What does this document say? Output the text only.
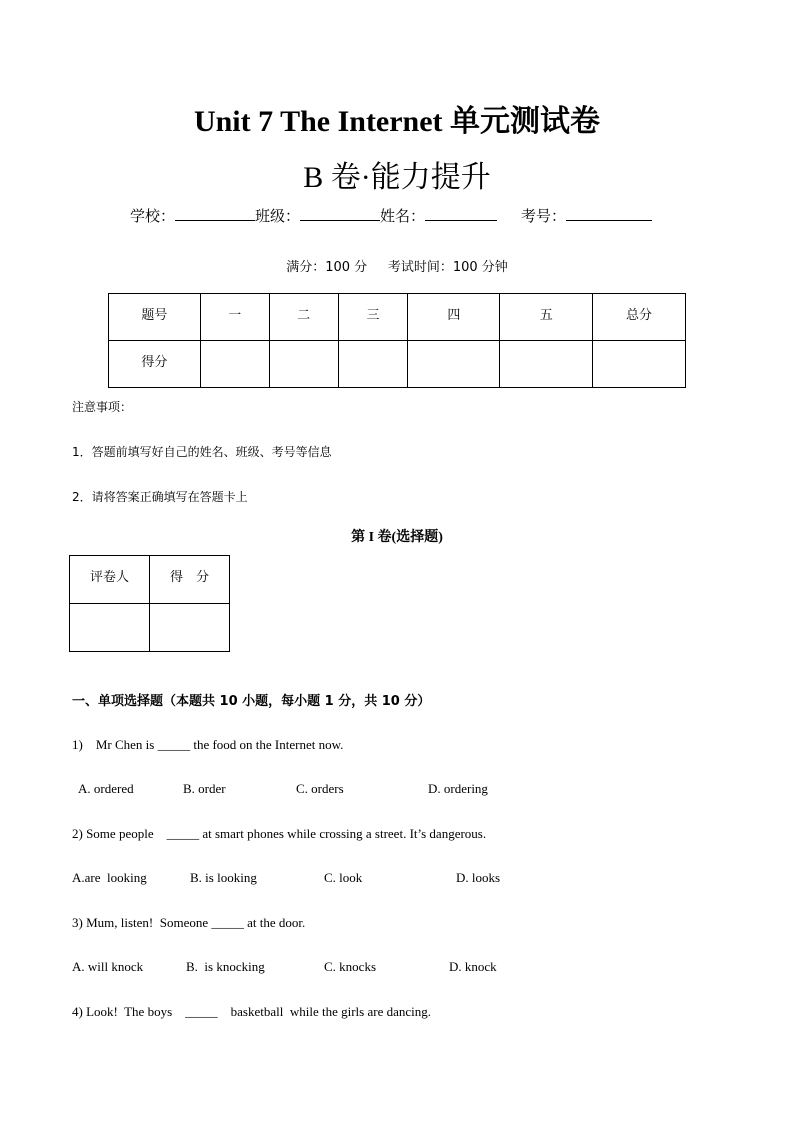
Unit 7 The Internet 单元测试卷
B 卷·能力提升
学校：	班级：	姓名：	考号：
满分：100 分     考试时间：100 分钟
题号	一	二	三	四	五	总分
得分						
注意事项：
1．答题前填写好自己的姓名、班级、考号等信息
2．请将答案正确填写在答题卡上
第 I 卷(选择题)
评卷人	得　分

一、单项选择题（本题共 10 小题，每小题 1 分，共 10 分）
1)    Mr Chen is _____ the food on the Internet now.
A. ordered	B. order	C. orders	D. ordering
2) Some people    _____ at smart phones while crossing a street. It’s dangerous.
A.are  looking	B. is looking	C. look	D. looks
3) Mum, listen!  Someone _____ at the door.
A. will knock	B.  is knocking	C. knocks	D. knock
4) Look!  The boys    _____    basketball  while the girls are dancing.
